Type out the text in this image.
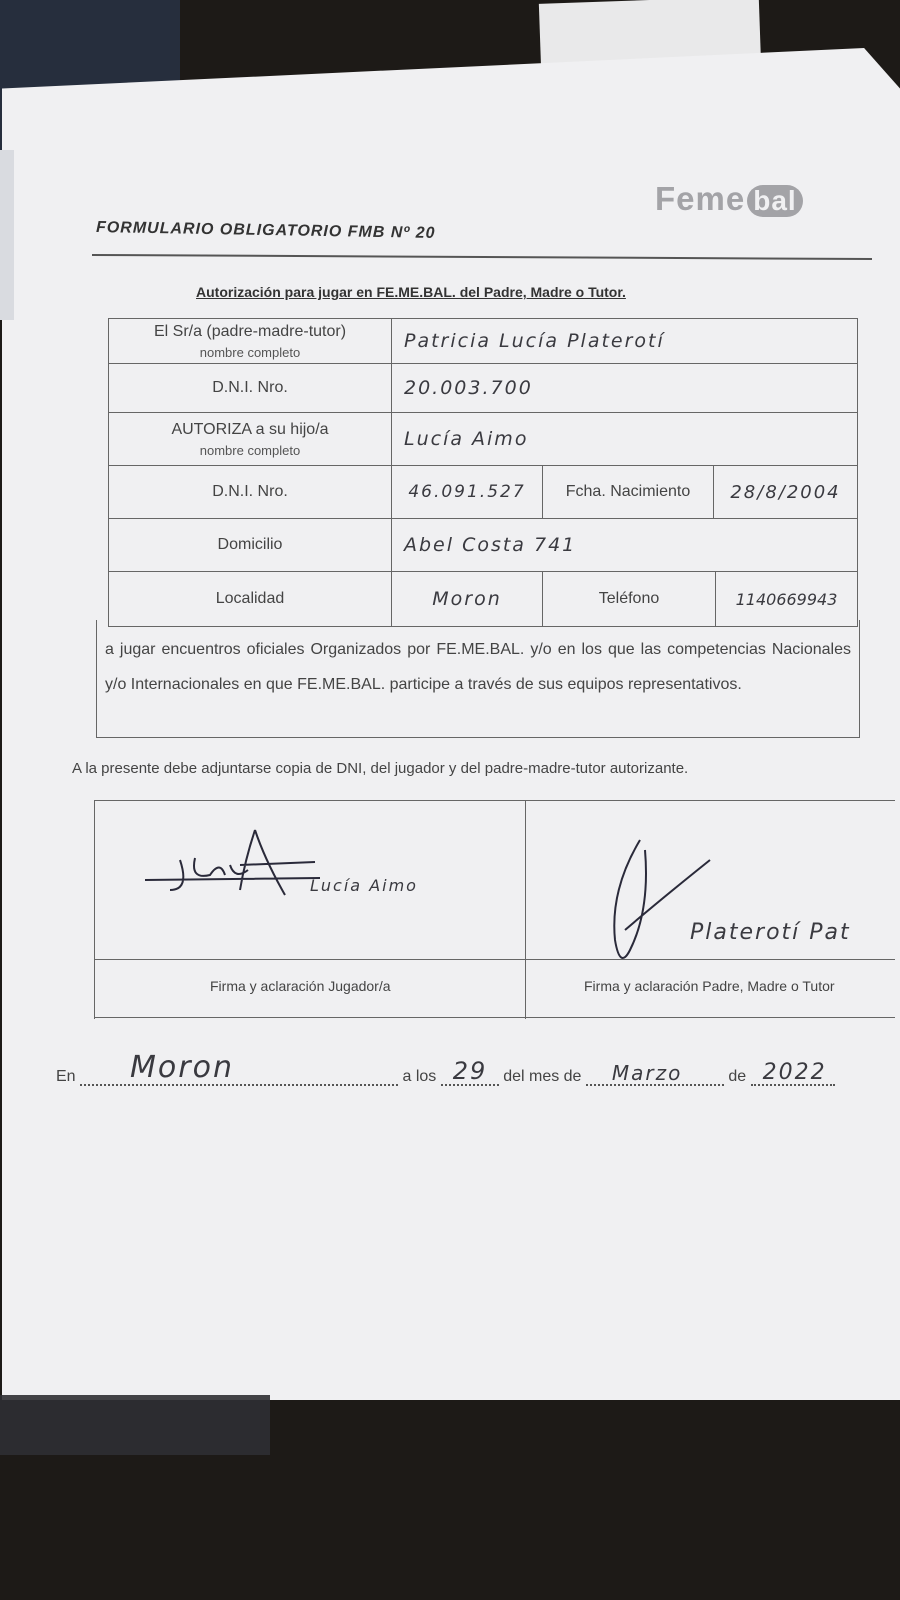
Feme bal
FORMULARIO OBLIGATORIO FMB Nº 20
Autorización para jugar en FE.ME.BAL. del Padre, Madre o Tutor.
El Sr/a (padre-madre-tutor)
nombre completo	Patricia Lucía Platerotí
D.N.I. Nro.	20.003.700
AUTORIZA a su hijo/a
nombre completo	Lucía Aimo
D.N.I. Nro.	46.091.527	Fcha. Nacimiento 28/8/2004
Domicilio	Abel Costa 741
Localidad	Moron	Teléfono	1140669943
a jugar encuentros oficiales Organizados por FE.ME.BAL. y/o en los que las competencias Nacionales y/o Internacionales en que FE.ME.BAL. participe a través de sus equipos representativos.
A la presente debe adjuntarse copia de DNI, del jugador y del padre-madre-tutor autorizante.
Lucía Aimo
Platerotí Pat
Firma y aclaración Jugador/a	Firma y aclaración Padre, Madre o Tutor
En Moron	a los 29 del mes de Marzo	de 2022
